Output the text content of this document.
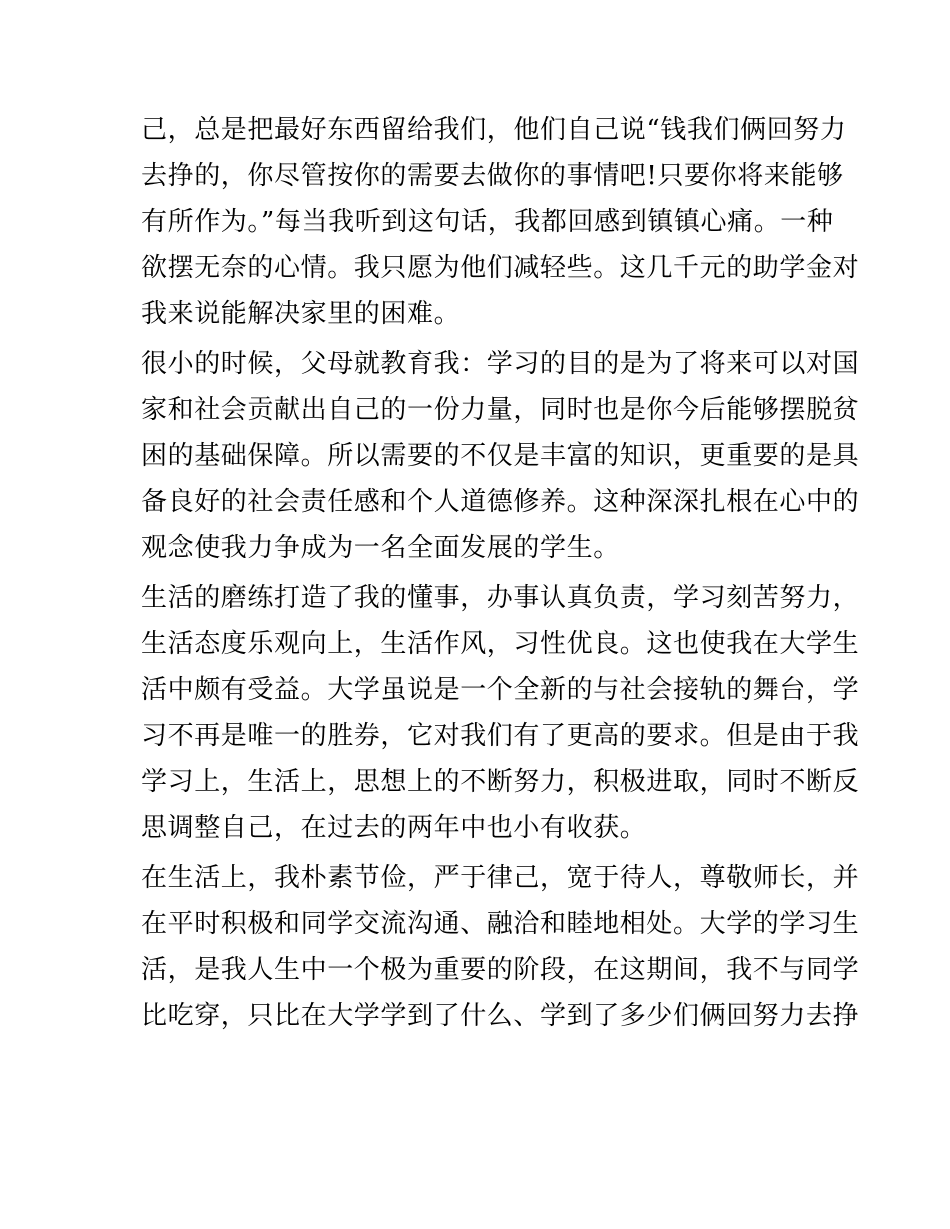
己，总是把最好东西留给我们，他们自己说“钱我们俩回努力
去挣的，你尽管按你的需要去做你的事情吧!只要你将来能够
有所作为。”每当我听到这句话，我都回感到镇镇心痛。一种
欲摆无奈的心情。我只愿为他们减轻些。这几千元的助学金对
我来说能解决家里的困难。
很小的时候，父母就教育我：学习的目的是为了将来可以对国
家和社会贡献出自己的一份力量，同时也是你今后能够摆脱贫
困的基础保障。所以需要的不仅是丰富的知识，更重要的是具
备良好的社会责任感和个人道德修养。这种深深扎根在心中的
观念使我力争成为一名全面发展的学生。
生活的磨练打造了我的懂事，办事认真负责，学习刻苦努力，
生活态度乐观向上，生活作风，习性优良。这也使我在大学生
活中颇有受益。大学虽说是一个全新的与社会接轨的舞台，学
习不再是唯一的胜券，它对我们有了更高的要求。但是由于我
学习上，生活上，思想上的不断努力，积极进取，同时不断反
思调整自己，在过去的两年中也小有收获。
在生活上，我朴素节俭，严于律己，宽于待人，尊敬师长，并
在平时积极和同学交流沟通、融洽和睦地相处。大学的学习生
活，是我人生中一个极为重要的阶段，在这期间，我不与同学
比吃穿，只比在大学学到了什么、学到了多少们俩回努力去挣
